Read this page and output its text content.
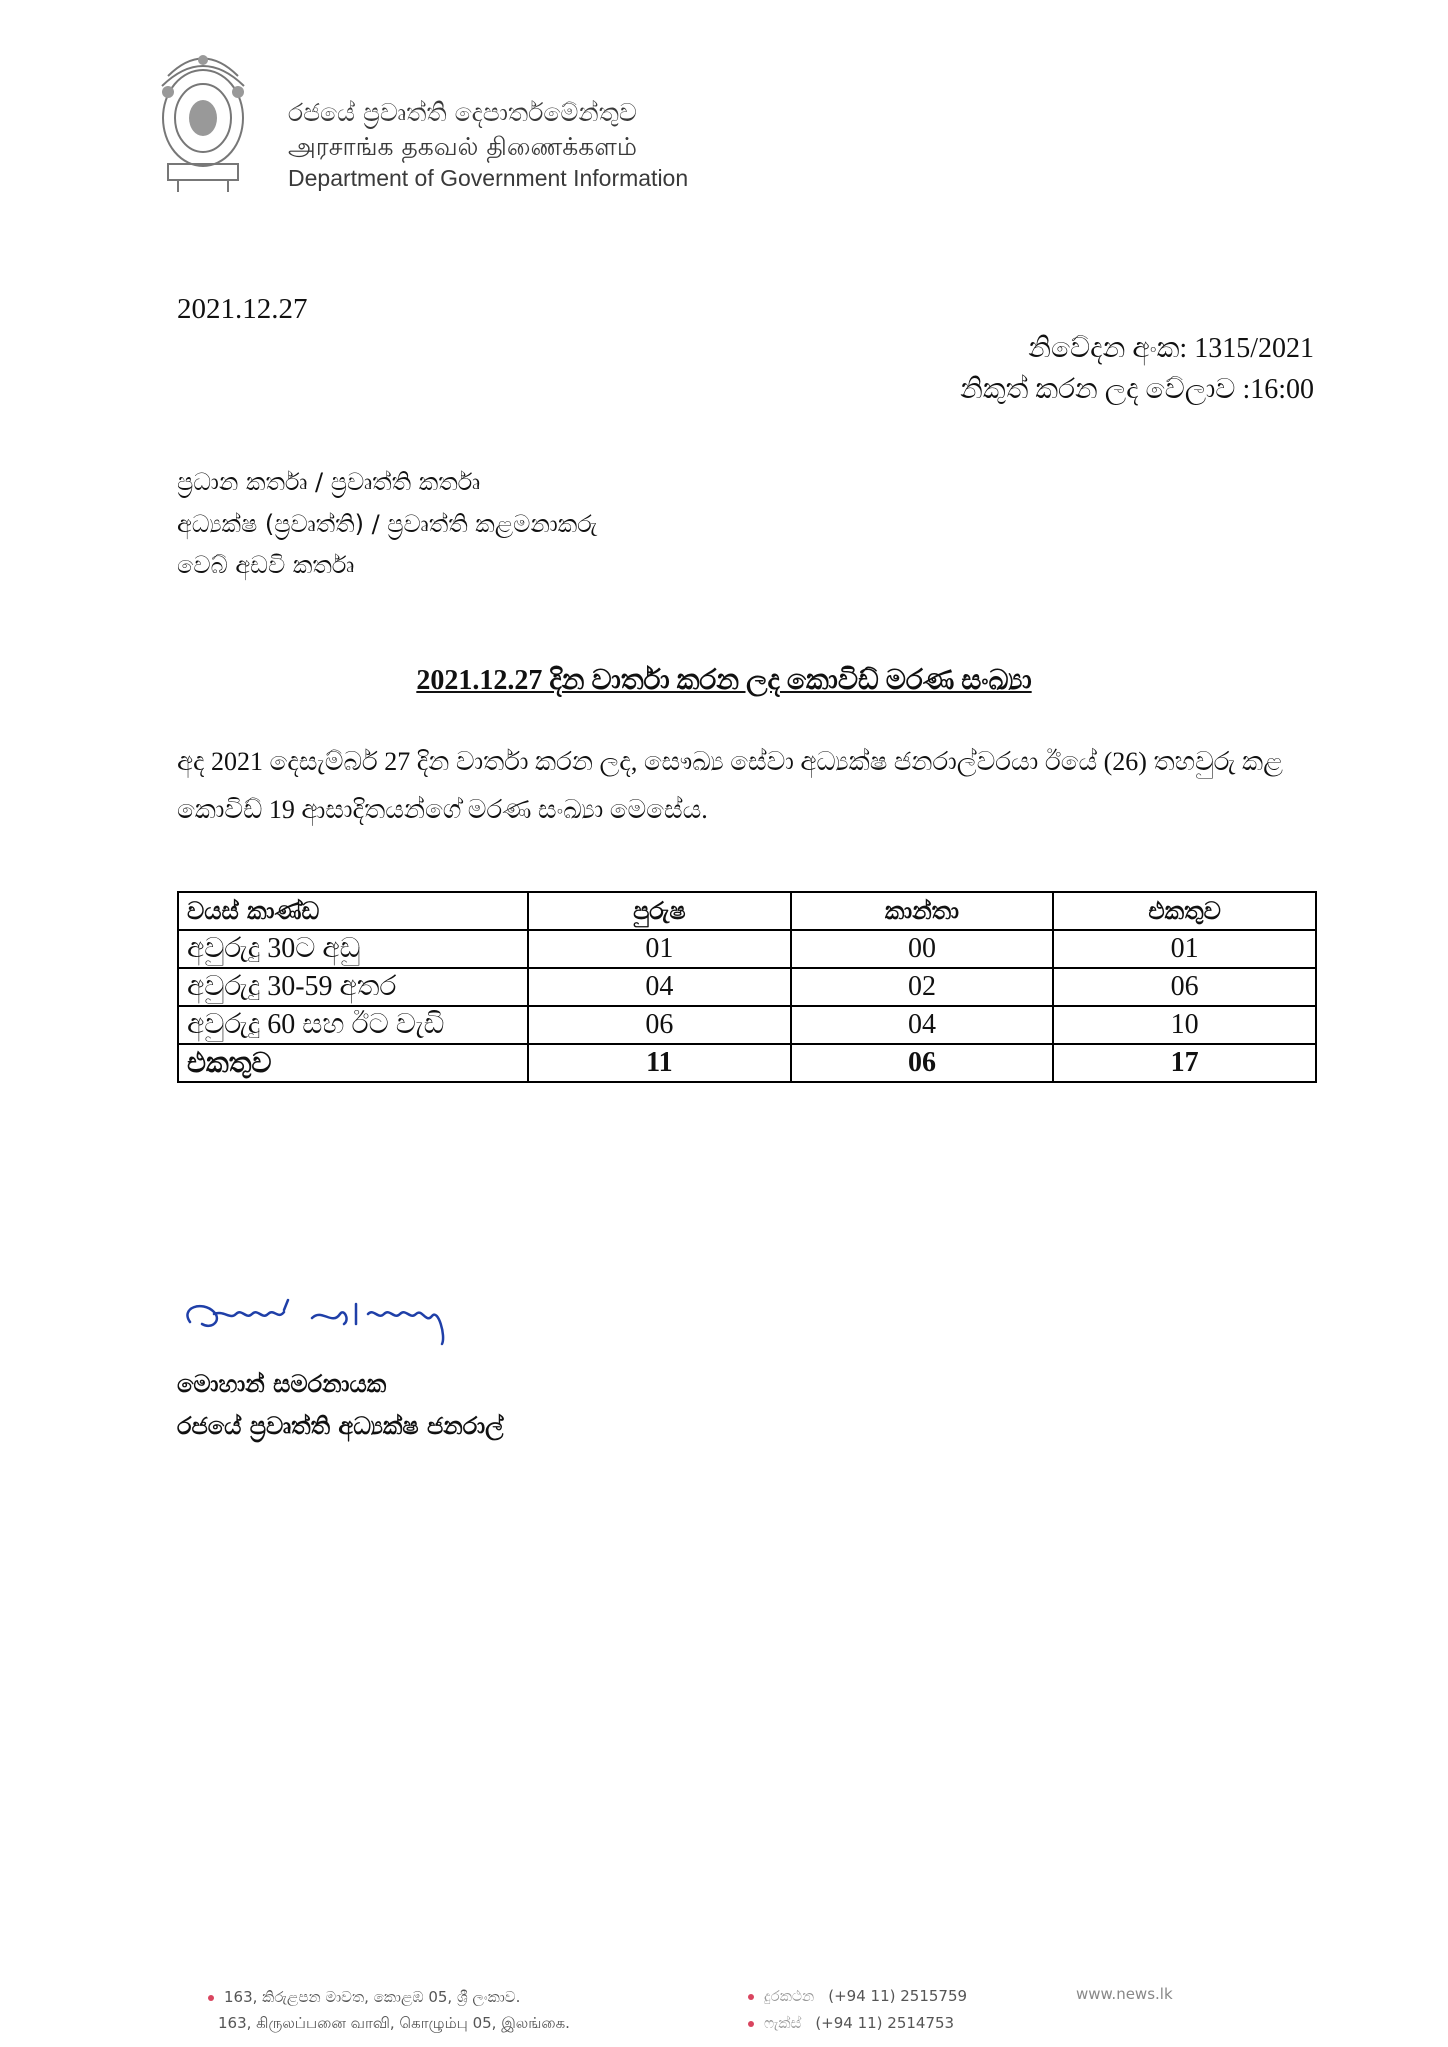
රජයේ ප්‍රවෘත්ති දෙපාර්තමේන්තුව
அரசாங்க தகவல் திணைக்களம்
Department of Government Information
2021.12.27
නිවේදන අංක: 1315/2021
නිකුත් කරන ලද වේලාව :16:00
ප්‍රධාන කර්තෘ / ප්‍රවෘත්ති කර්තෘ
අධ්‍යක්ෂ (ප්‍රවෘත්ති) / ප්‍රවෘත්ති කළමනාකරු
වෙබ් අඩවි කර්තෘ
2021.12.27 දින වාර්තා කරන ලද කොවිඩ් මරණ සංඛ්‍යා
අද 2021 දෙසැම්බර් 27 දින වාර්තා කරන ලද, සෞඛ්‍ය සේවා අධ්‍යක්ෂ ජනරාල්වරයා ඊයේ (26) තහවුරු කළ කොවිඩ් 19 ආසාදිතයන්ගේ මරණ සංඛ්‍යා මෙසේය.
වයස් කාණ්ඩ	පුරුෂ	කාන්තා	එකතුව
අවුරුදු 30ට අඩු	01	00	01
අවුරුදු 30-59 අතර	04	02	06
අවුරුදු 60 සහ ඊට වැඩි	06	04	10
එකතුව	11	06	17
මොහාන් සමරනායක
රජයේ ප්‍රවෘත්ති අධ්‍යක්ෂ ජනරාල්
163, කිරුළපන මාවත, කොළඹ 05, ශ්‍රී ලංකාව.
163, கிருலப்பனை வாவி, கொழும்பு 05, இலங்கை.
දුරකථන (+94 11) 2515759
ෆැක්ස් (+94 11) 2514753
www.news.lk
